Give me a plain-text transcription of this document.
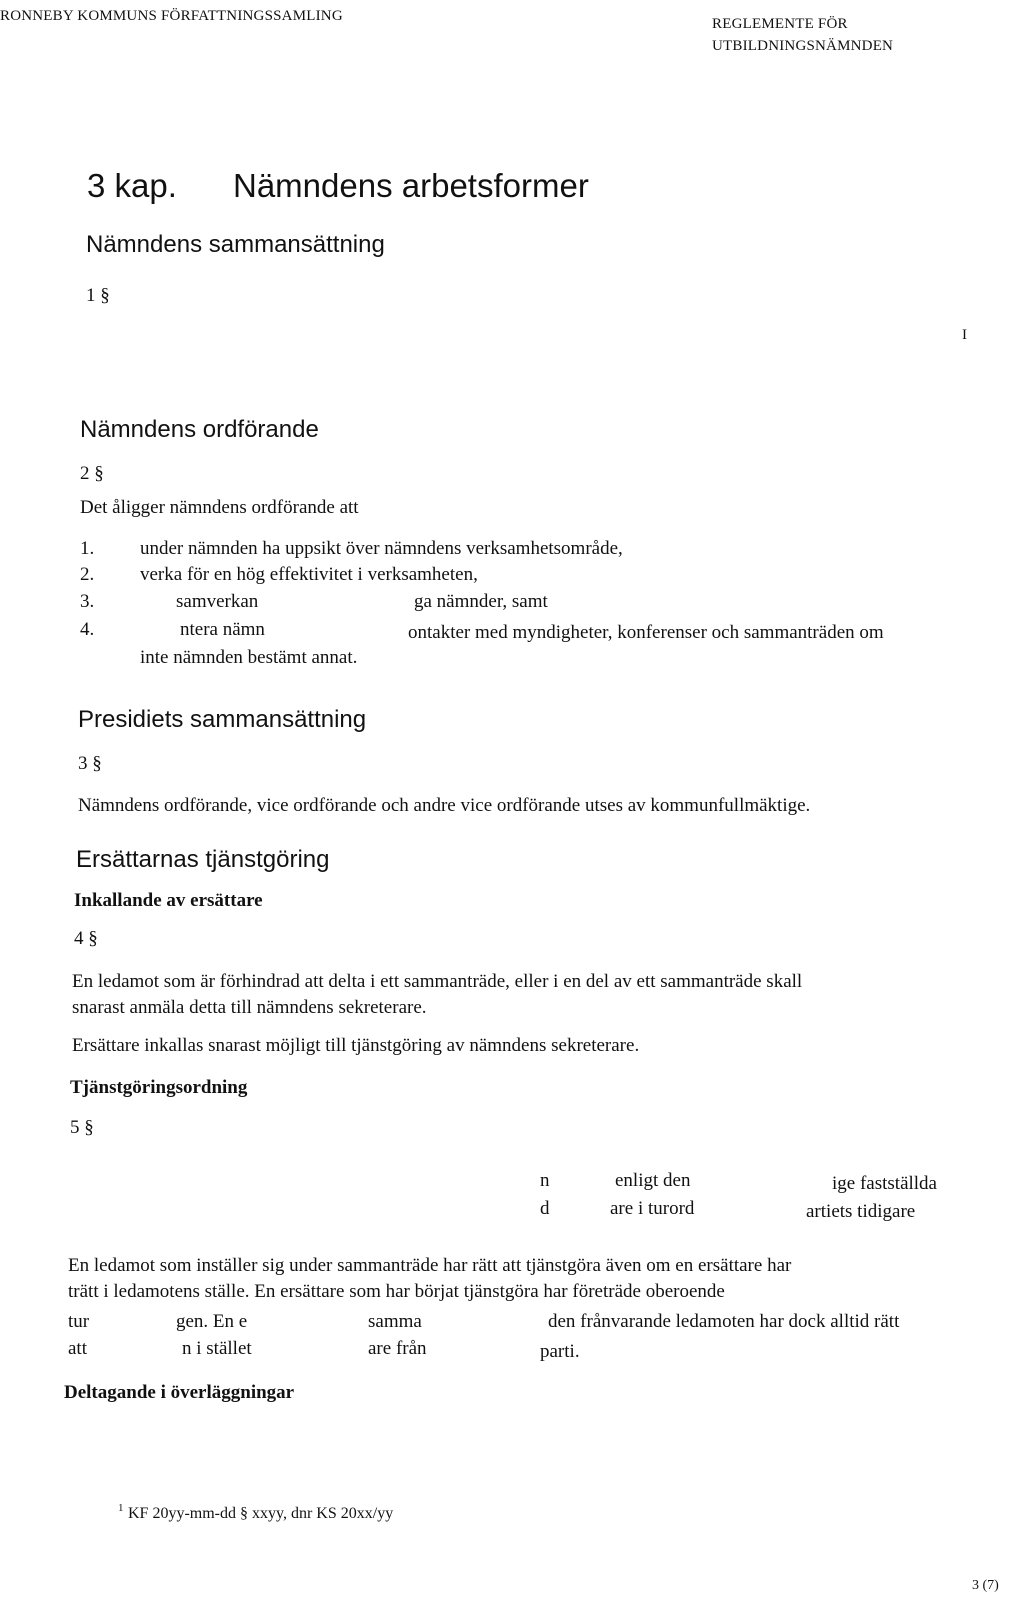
RONNEBY KOMMUNS FÖRFATTNINGSSAMLING	REGLEMENTE FÖR
UTBILDNINGSNÄMNDEN
3 kap. Nämndens arbetsformer
Nämndens sammansättning
1 §
I
Nämndens ordförande
2 §
Det åligger nämndens ordförande att
1. under nämnden ha uppsikt över nämndens verksamhetsområde,
2. verka för en hög effektivitet i verksamheten,
3.	samverkan	ga nämnder, samt
4.	ntera nämn	ontakter med myndigheter, konferenser och sammanträden om
inte nämnden bestämt annat.
Presidiets sammansättning
3 §
Nämndens ordförande, vice ordförande och andre vice ordförande utses av kommunfullmäktige.
Ersättarnas tjänstgöring
Inkallande av ersättare
4 §
En ledamot som är förhindrad att delta i ett sammanträde, eller i en del av ett sammanträde skall
snarast anmäla detta till nämndens sekreterare.
Ersättare inkallas snarast möjligt till tjänstgöring av nämndens sekreterare.
Tjänstgöringsordning
5 §
n	enligt den	ige fastställda
d	are i turord	artiets tidigare
En ledamot som inställer sig under sammanträde har rätt att tjänstgöra även om en ersättare har
trätt i ledamotens ställe. En ersättare som har börjat tjänstgöra har företräde oberoende
tur	gen. En e	samma	den frånvarande ledamoten har dock alltid rätt
att	n i stället	are från	parti.
Deltagande i överläggningar
1 KF 20yy-mm-dd § xxyy, dnr KS 20xx/yy
3 (7)
